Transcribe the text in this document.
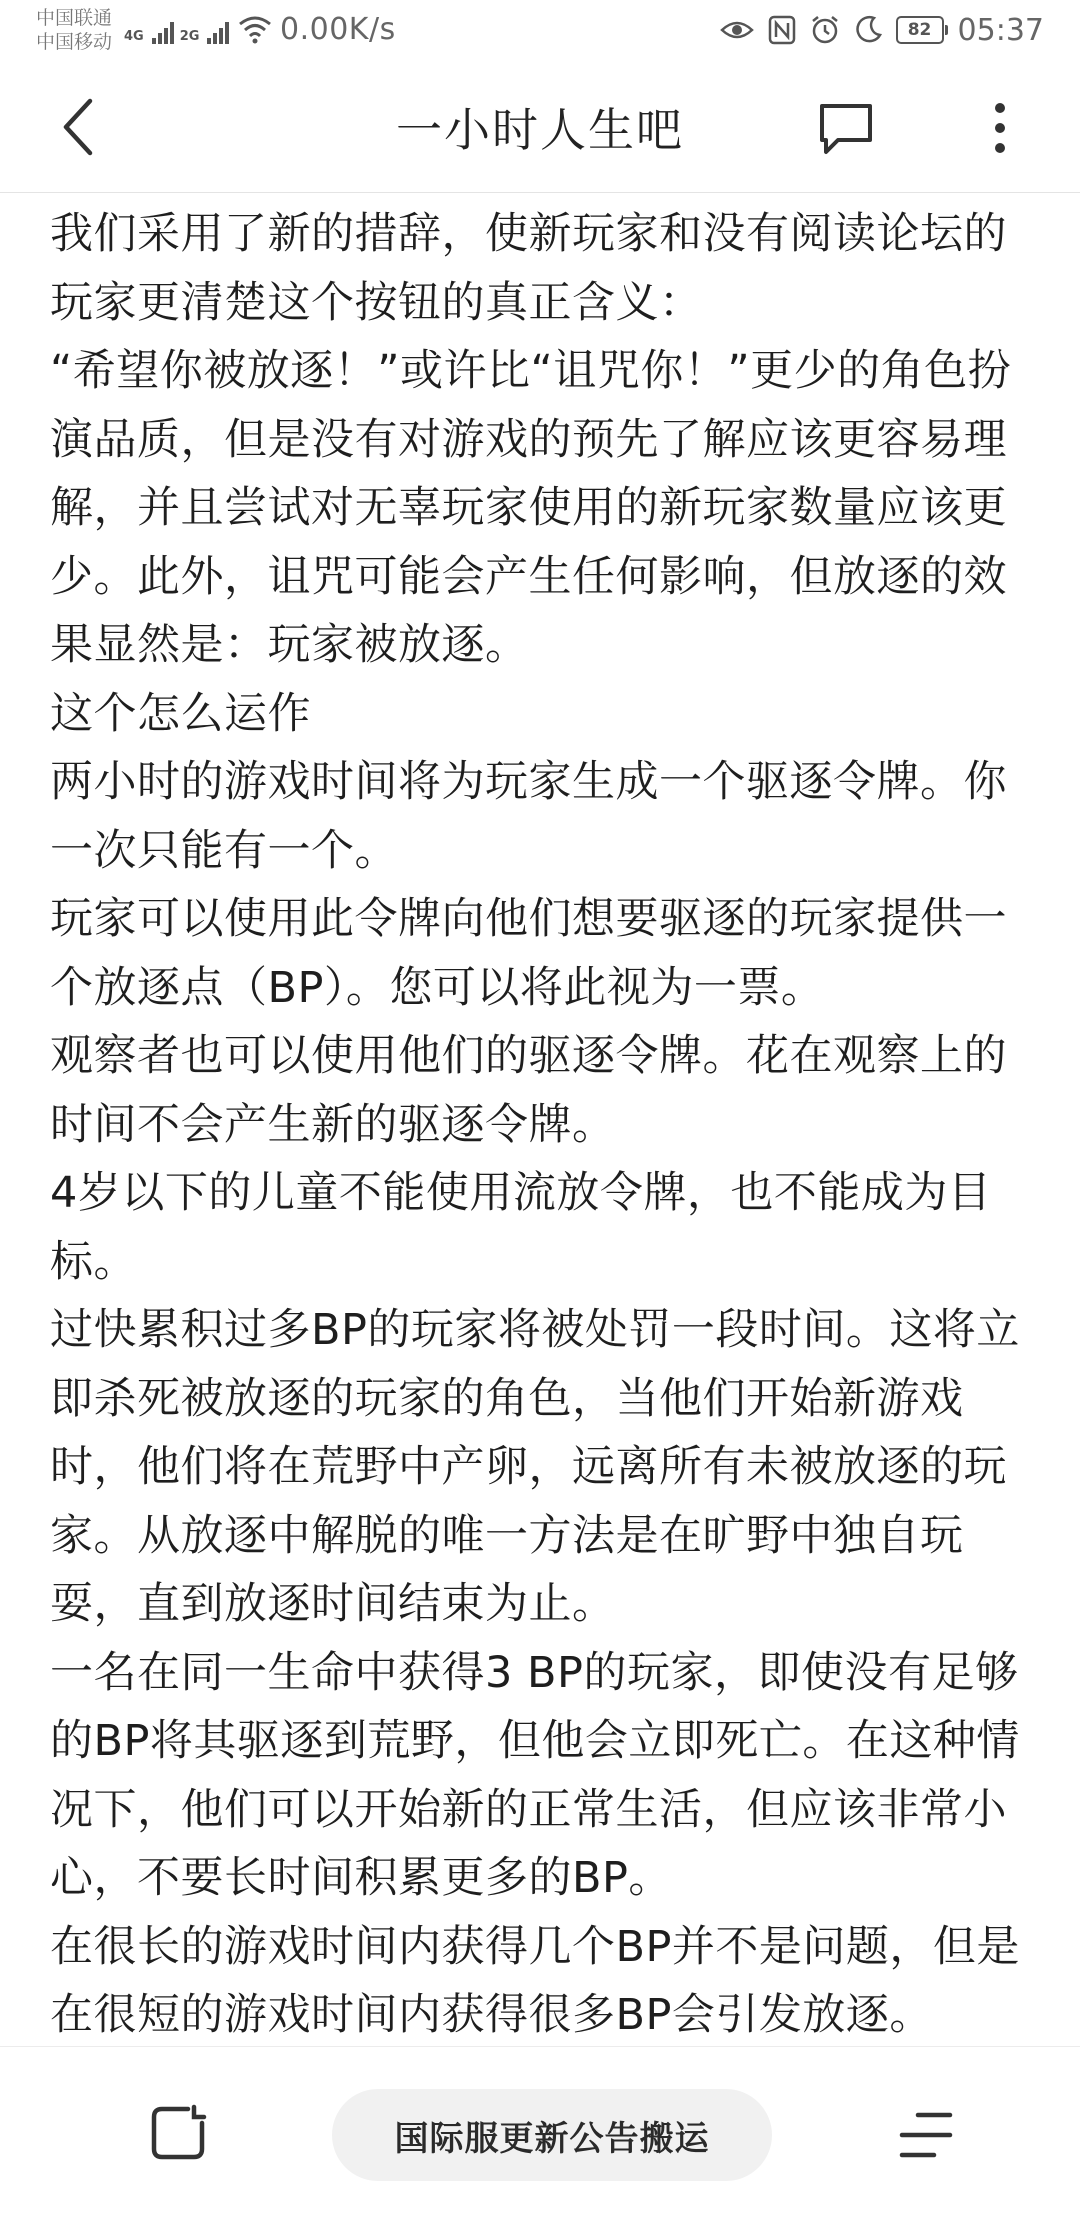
中国联通
中国移动 4G	2G	0.00K/s	82 05:37
一小时人生吧

我们采用了新的措辞，使新玩家和没有阅读论坛的玩家更清楚这个按钮的真正含义：

“希望你被放逐！”或许比“诅咒你！”更少的角色扮演品质，但是没有对游戏的预先了解应该更容易理解，并且尝试对无辜玩家使用的新玩家数量应该更少。此外，诅咒可能会产生任何影响，但放逐的效果显然是：玩家被放逐。

这个怎么运作

两小时的游戏时间将为玩家生成一个驱逐令牌。你一次只能有一个。

玩家可以使用此令牌向他们想要驱逐的玩家提供一个放逐点（BP）。您可以将此视为一票。

观察者也可以使用他们的驱逐令牌。花在观察上的时间不会产生新的驱逐令牌。

4岁以下的儿童不能使用流放令牌，也不能成为目标。

过快累积过多BP的玩家将被处罚一段时间。这将立即杀死被放逐的玩家的角色，当他们开始新游戏时，他们将在荒野中产卵，远离所有未被放逐的玩家。从放逐中解脱的唯一方法是在旷野中独自玩耍，直到放逐时间结束为止。

一名在同一生命中获得3 BP的玩家，即使没有足够的BP将其驱逐到荒野，但他会立即死亡。在这种情况下，他们可以开始新的正常生活，但应该非常小心，不要长时间积累更多的BP。

在很长的游戏时间内获得几个BP并不是问题，但是在很短的游戏时间内获得很多BP会引发放逐。

国际服更新公告搬运
